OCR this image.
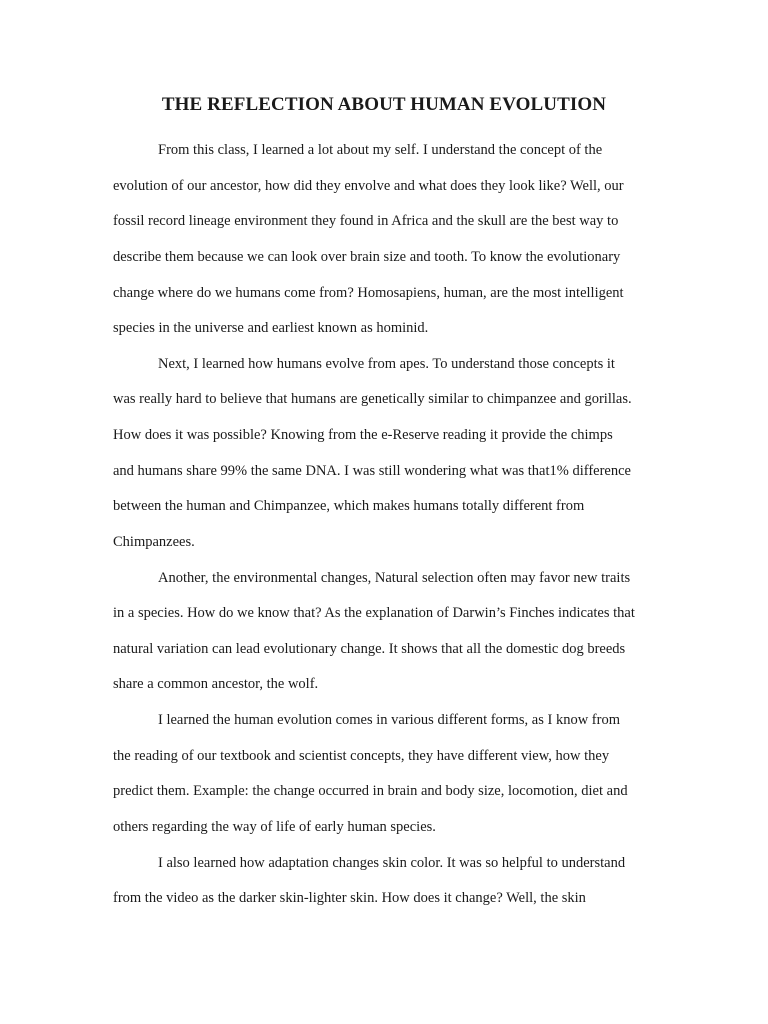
THE REFLECTION ABOUT HUMAN EVOLUTION

From this class, I learned a lot about my self. I understand the concept of the

evolution of our ancestor, how did they envolve and what does they look like? Well, our

fossil record lineage environment they found in Africa and the skull are the best way to

describe them because we can look over brain size and tooth. To know the evolutionary

change where do we humans come from? Homosapiens, human, are the most intelligent

species in the universe and earliest known as hominid.

Next, I learned how humans evolve from apes. To understand those concepts it

was really hard to believe that humans are genetically similar to chimpanzee and gorillas.

How does it was possible? Knowing from the e-Reserve reading it provide the chimps

and humans share 99% the same DNA. I was still wondering what was that1% difference

between the human and Chimpanzee, which makes humans totally different from

Chimpanzees.

Another, the environmental changes, Natural selection often may favor new traits

in a species. How do we know that? As the explanation of Darwin’s Finches indicates that

natural variation can lead evolutionary change. It shows that all the domestic dog breeds

share a common ancestor, the wolf.

I learned the human evolution comes in various different forms, as I know from

the reading of our textbook and scientist concepts, they have different view, how they

predict them. Example: the change occurred in brain and body size, locomotion, diet and

others regarding the way of life of early human species.

I also learned how adaptation changes skin color. It was so helpful to understand

from the video as the darker skin-lighter skin. How does it change? Well, the skin
